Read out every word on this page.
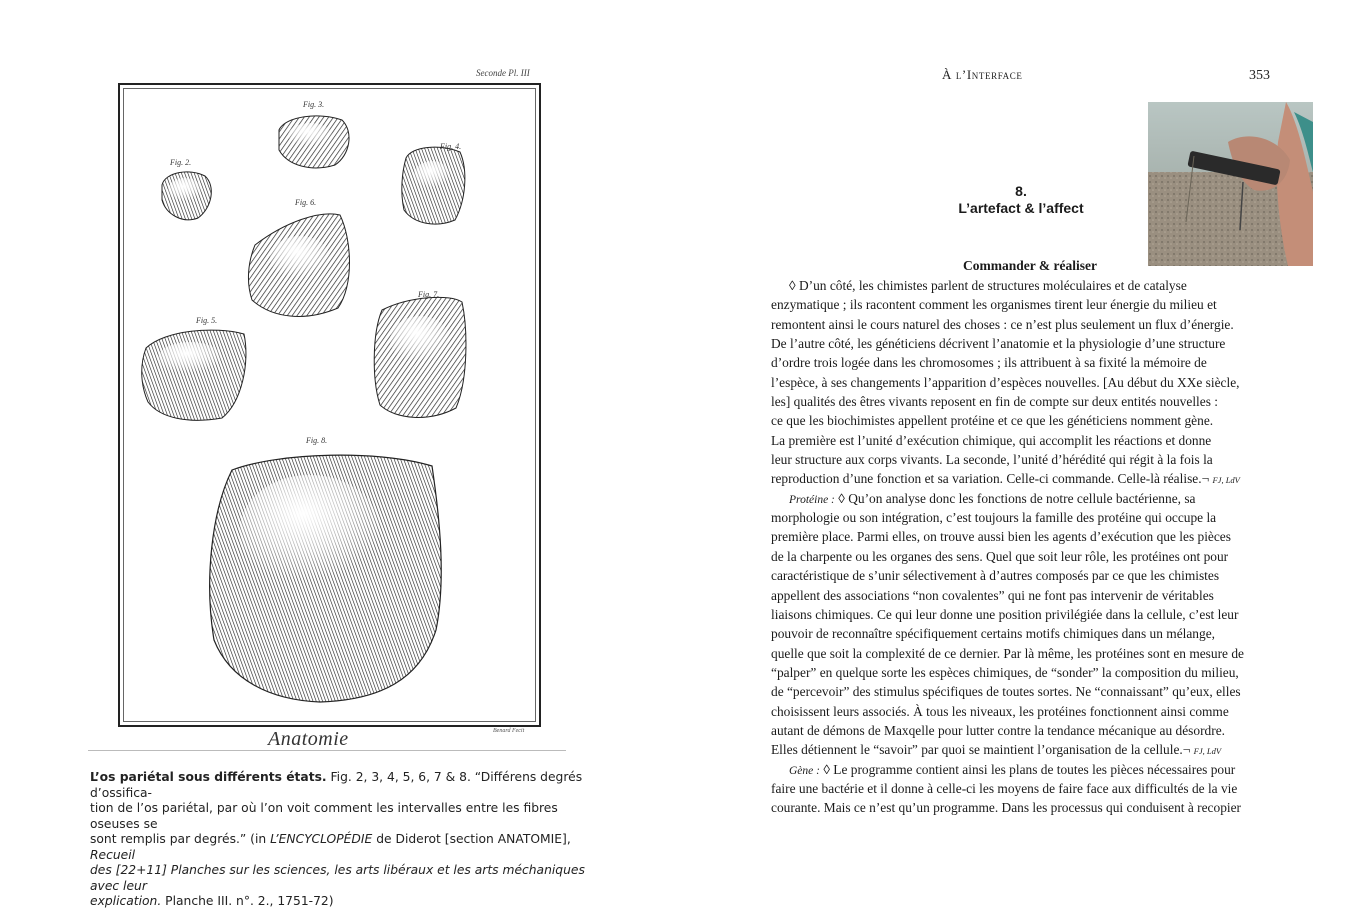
Seconde Pl. III
Fig. 3.
Fig. 2.
Fig. 4.
Fig. 6.
Fig. 5.
Fig. 7.
Fig. 8.
Anatomie	Benard Fecit
L’os pariétal sous différents états. Fig. 2, 3, 4, 5, 6, 7 & 8. “Différens degrés d’ossifica-
tion de l’os pariétal, par où l’on voit comment les intervalles entre les fibres oseuses se
sont remplis par degrés.” (in L’ENCYCLOPÉDIE de Diderot [section ANATOMIE], Recueil
des [22+11] Planches sur les sciences, les arts libéraux et les arts méchaniques avec leur
explication. Planche III. n°. 2., 1751-72)
À l’Interface	353
8.
L’artefact & l’affect
Commander & réaliser
◊ D’un côté, les chimistes parlent de structures moléculaires et de catalyse
enzymatique ; ils racontent comment les organismes tirent leur énergie du milieu et
remontent ainsi le cours naturel des choses : ce n’est plus seulement un flux d’énergie.
De l’autre côté, les généticiens décrivent l’anatomie et la physiologie d’une structure
d’ordre trois logée dans les chromosomes ; ils attribuent à sa fixité la mémoire de
l’espèce, à ses changements l’apparition d’espèces nouvelles. [Au début du XXe siècle,
les] qualités des êtres vivants reposent en fin de compte sur deux entités nouvelles :
ce que les biochimistes appellent protéine et ce que les généticiens nomment gène.
La première est l’unité d’exécution chimique, qui accomplit les réactions et donne
leur structure aux corps vivants. La seconde, l’unité d’hérédité qui régit à la fois la
reproduction d’une fonction et sa variation. Celle-ci commande. Celle-là réalise.¬ FJ, LdV
Protéine : ◊ Qu’on analyse donc les fonctions de notre cellule bactérienne, sa
morphologie ou son intégration, c’est toujours la famille des protéine qui occupe la
première place. Parmi elles, on trouve aussi bien les agents d’exécution que les pièces
de la charpente ou les organes des sens. Quel que soit leur rôle, les protéines ont pour
caractéristique de s’unir sélectivement à d’autres composés par ce que les chimistes
appellent des associations “non covalentes” qui ne font pas intervenir de véritables
liaisons chimiques. Ce qui leur donne une position privilégiée dans la cellule, c’est leur
pouvoir de reconnaître spécifiquement certains motifs chimiques dans un mélange,
quelle que soit la complexité de ce dernier. Par là même, les protéines sont en mesure de
“palper” en quelque sorte les espèces chimiques, de “sonder” la composition du milieu,
de “percevoir” des stimulus spécifiques de toutes sortes. Ne “connaissant” qu’eux, elles
choisissent leurs associés. À tous les niveaux, les protéines fonctionnent ainsi comme
autant de démons de Maxqelle pour lutter contre la tendance mécanique au désordre.
Elles détiennent le “savoir” par quoi se maintient l’organisation de la cellule.¬ FJ, LdV
Gène : ◊ Le programme contient ainsi les plans de toutes les pièces nécessaires pour
faire une bactérie et il donne à celle-ci les moyens de faire face aux difficultés de la vie
courante. Mais ce n’est qu’un programme. Dans les processus qui conduisent à recopier
